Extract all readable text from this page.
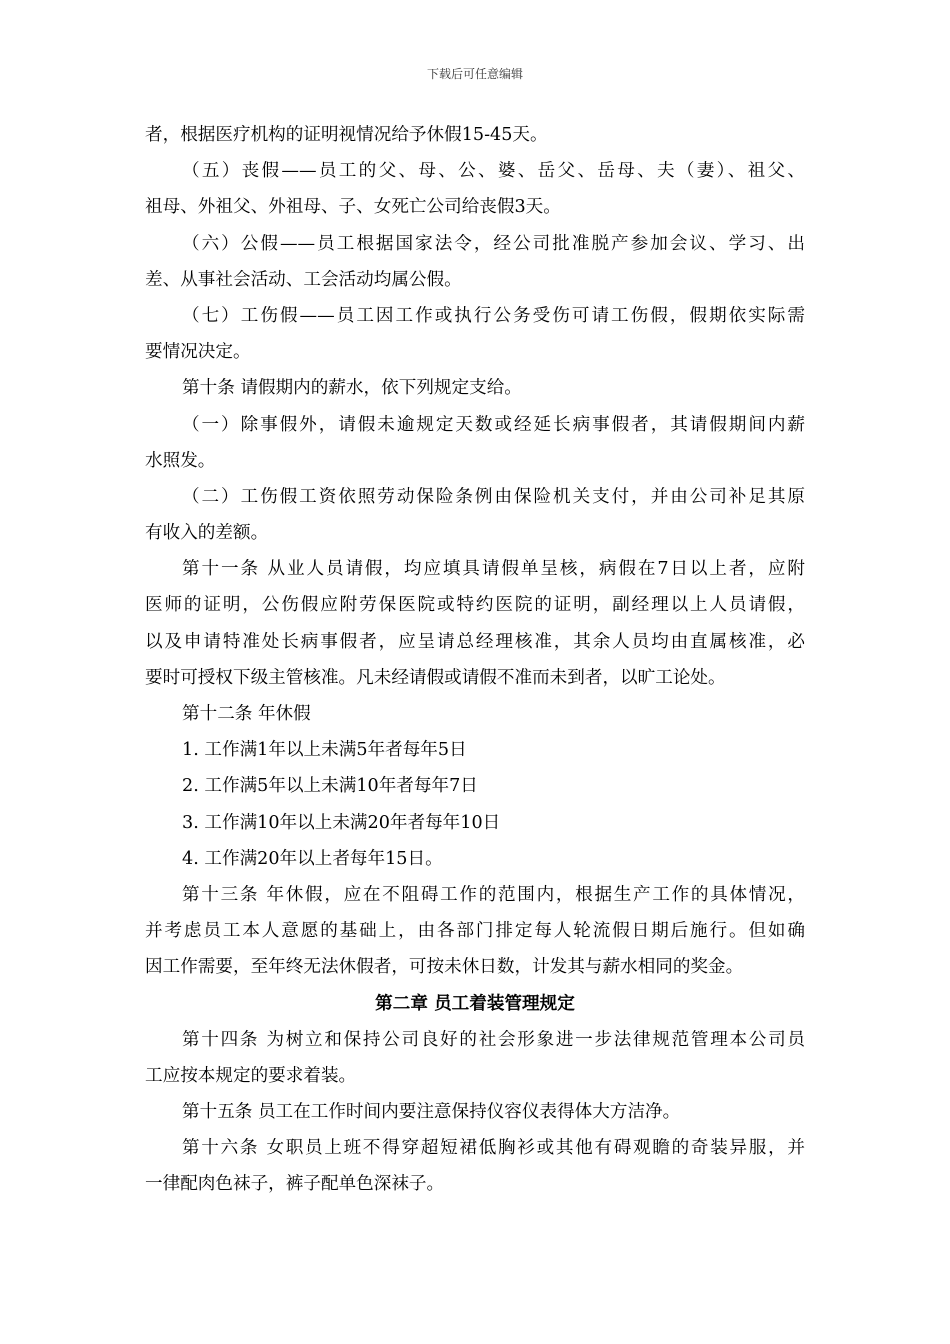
下载后可任意编辑
者，根据医疗机构的证明视情况给予休假15-45天。
（五）丧假——员工的父、母、公、婆、岳父、岳母、夫（妻）、祖父、
祖母、外祖父、外祖母、子、女死亡公司给丧假3天。
（六）公假——员工根据国家法令，经公司批准脱产参加会议、学习、出
差、从事社会活动、工会活动均属公假。
（七）工伤假——员工因工作或执行公务受伤可请工伤假，假期依实际需
要情况决定。
第十条 请假期内的薪水，依下列规定支给。
（一）除事假外，请假未逾规定天数或经延长病事假者，其请假期间内薪
水照发。
（二）工伤假工资依照劳动保险条例由保险机关支付，并由公司补足其原
有收入的差额。
第十一条 从业人员请假，均应填具请假单呈核，病假在7日以上者，应附
医师的证明，公伤假应附劳保医院或特约医院的证明，副经理以上人员请假，
以及申请特准处长病事假者，应呈请总经理核准，其余人员均由直属核准，必
要时可授权下级主管核准。凡未经请假或请假不准而未到者，以旷工论处。
第十二条 年休假
1. 工作满1年以上未满5年者每年5日
2. 工作满5年以上未满10年者每年7日
3. 工作满10年以上未满20年者每年10日
4. 工作满20年以上者每年15日。
第十三条 年休假，应在不阻碍工作的范围内，根据生产工作的具体情况，
并考虑员工本人意愿的基础上，由各部门排定每人轮流假日期后施行。但如确
因工作需要，至年终无法休假者，可按未休日数，计发其与薪水相同的奖金。
第二章 员工着装管理规定
第十四条 为树立和保持公司良好的社会形象进一步法律规范管理本公司员
工应按本规定的要求着装。
第十五条 员工在工作时间内要注意保持仪容仪表得体大方洁净。
第十六条 女职员上班不得穿超短裙低胸衫或其他有碍观瞻的奇装异服，并
一律配肉色袜子，裤子配单色深袜子。
